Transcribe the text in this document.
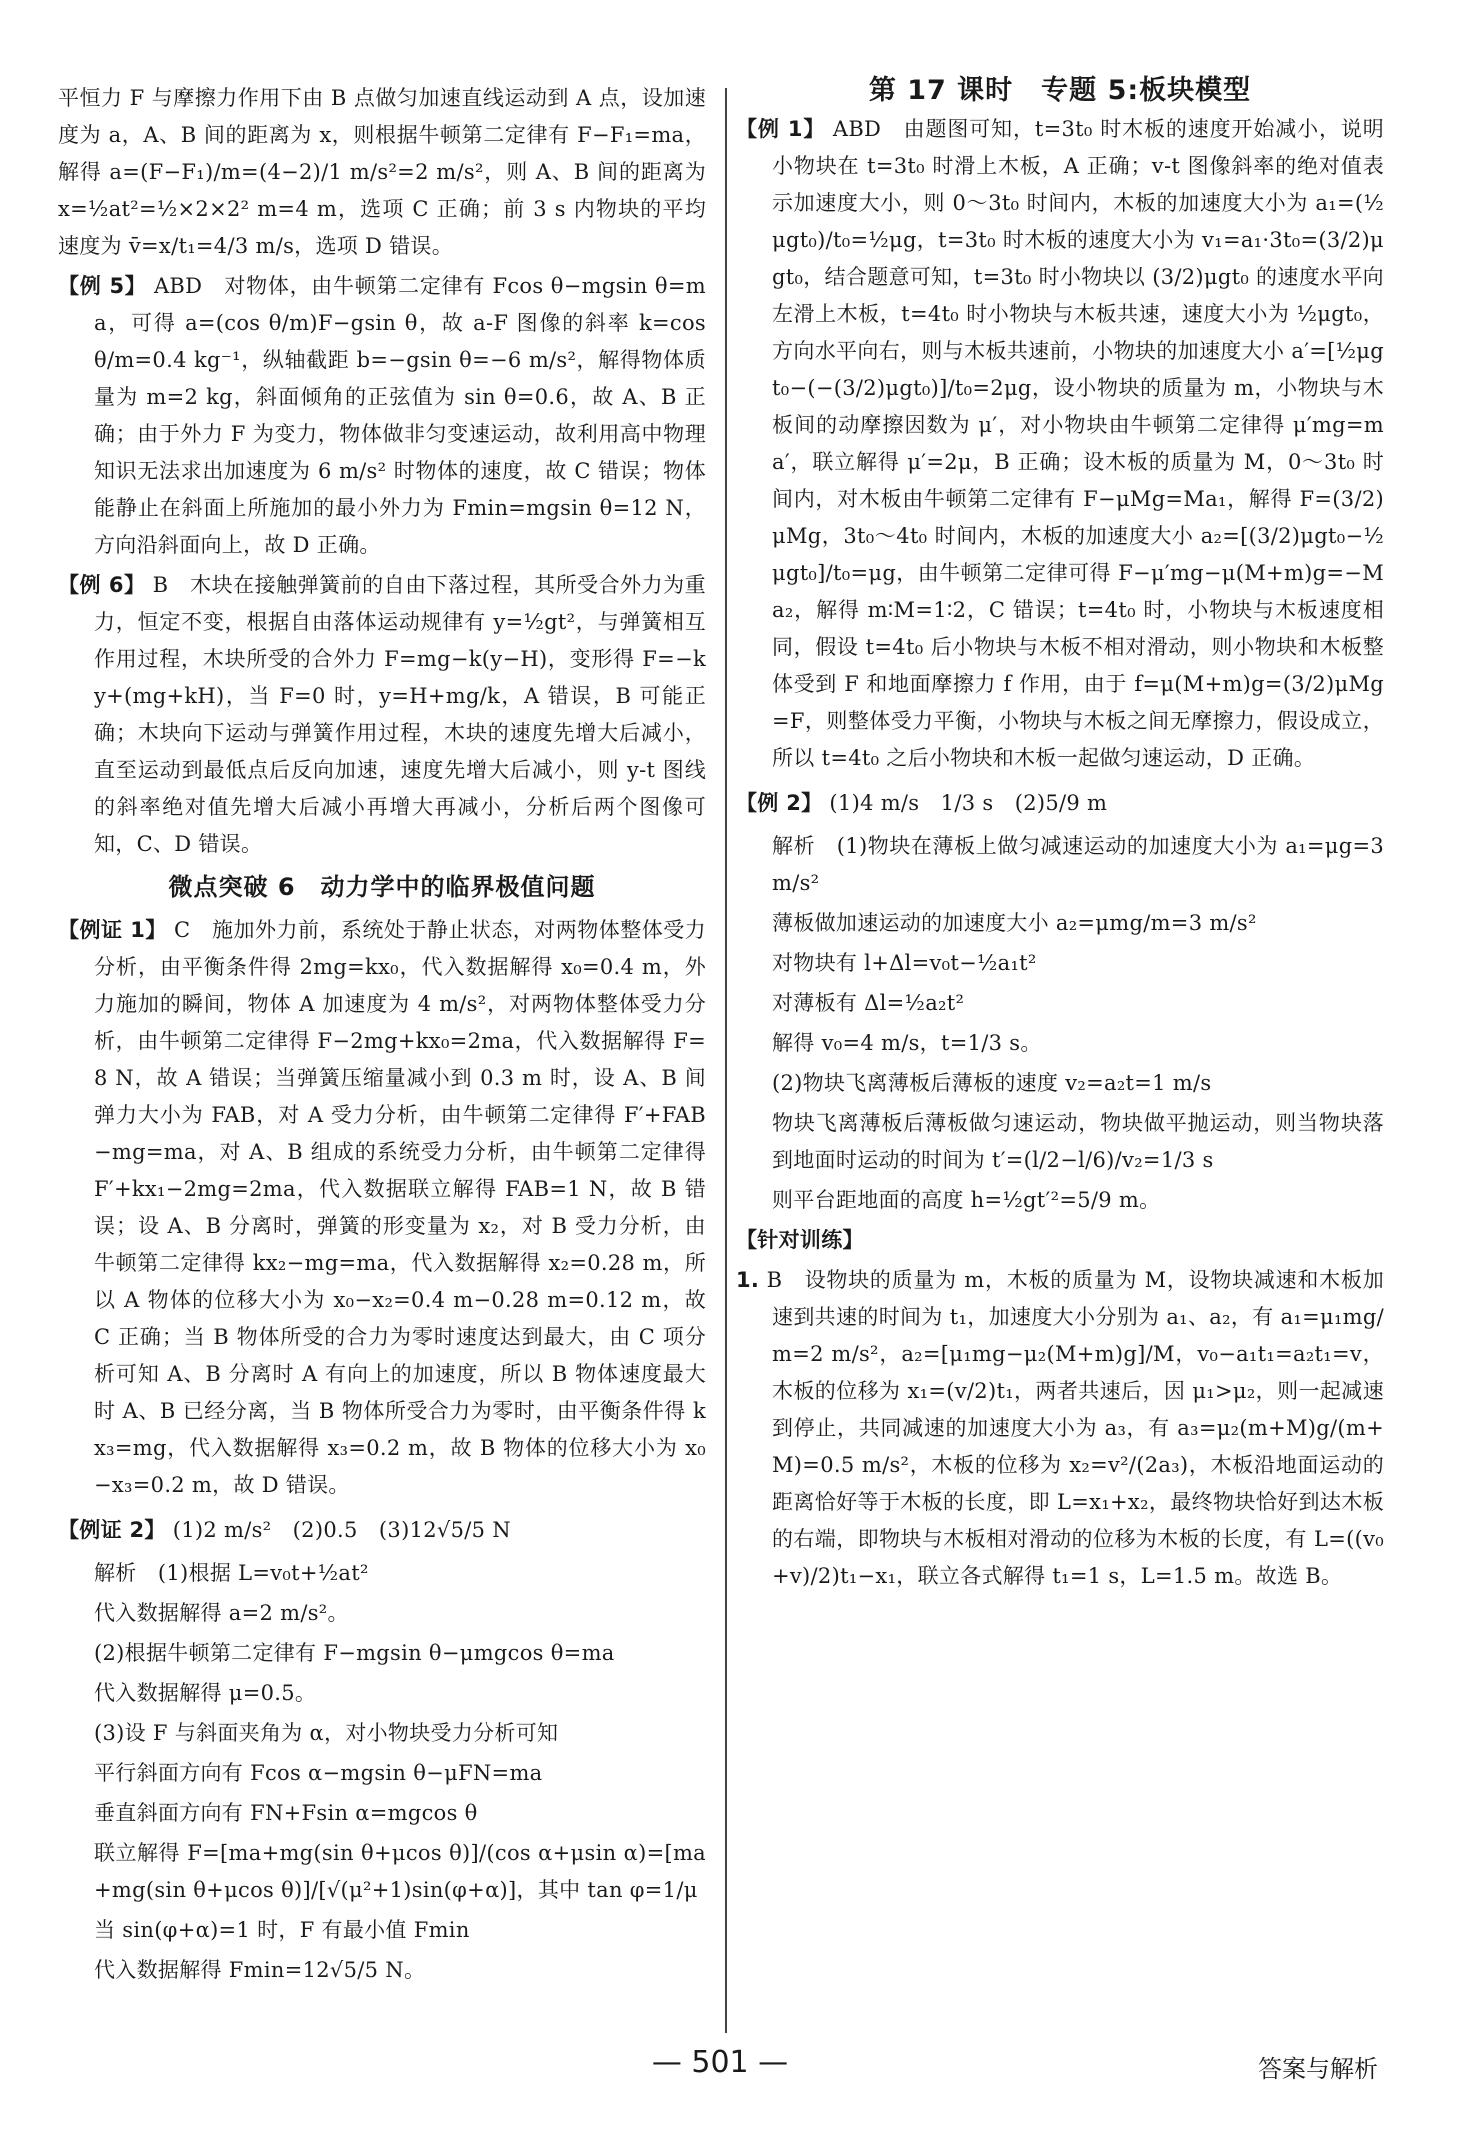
平恒力 F 与摩擦力作用下由 B 点做匀加速直线运动到 A 点，设加速度为 a，A、B 间的距离为 x，则根据牛顿第二定律有 F−F₁=ma，解得 a=(F−F₁)/m=(4−2)/1 m/s²=2 m/s²，则 A、B 间的距离为 x=½at²=½×2×2² m=4 m，选项 C 正确；前 3 s 内物块的平均速度为 v̄=x/t₁=4/3 m/s，选项 D 错误。
【例 5】 ABD　对物体，由牛顿第二定律有 Fcos θ−mgsin θ=ma，可得 a=(cos θ/m)F−gsin θ，故 a-F 图像的斜率 k=cos θ/m=0.4 kg⁻¹，纵轴截距 b=−gsin θ=−6 m/s²，解得物体质量为 m=2 kg，斜面倾角的正弦值为 sin θ=0.6，故 A、B 正确；由于外力 F 为变力，物体做非匀变速运动，故利用高中物理知识无法求出加速度为 6 m/s² 时物体的速度，故 C 错误；物体能静止在斜面上所施加的最小外力为 Fmin=mgsin θ=12 N，方向沿斜面向上，故 D 正确。
【例 6】 B　木块在接触弹簧前的自由下落过程，其所受合外力为重力，恒定不变，根据自由落体运动规律有 y=½gt²，与弹簧相互作用过程，木块所受的合外力 F=mg−k(y−H)，变形得 F=−ky+(mg+kH)，当 F=0 时，y=H+mg/k，A 错误，B 可能正确；木块向下运动与弹簧作用过程，木块的速度先增大后减小，直至运动到最低点后反向加速，速度先增大后减小，则 y-t 图线的斜率绝对值先增大后减小再增大再减小，分析后两个图像可知，C、D 错误。
微点突破 6　动力学中的临界极值问题
【例证 1】 C　施加外力前，系统处于静止状态，对两物体整体受力分析，由平衡条件得 2mg=kx₀，代入数据解得 x₀=0.4 m，外力施加的瞬间，物体 A 加速度为 4 m/s²，对两物体整体受力分析，由牛顿第二定律得 F−2mg+kx₀=2ma，代入数据解得 F=8 N，故 A 错误；当弹簧压缩量减小到 0.3 m 时，设 A、B 间弹力大小为 FAB，对 A 受力分析，由牛顿第二定律得 F′+FAB−mg=ma，对 A、B 组成的系统受力分析，由牛顿第二定律得 F′+kx₁−2mg=2ma，代入数据联立解得 FAB=1 N，故 B 错误；设 A、B 分离时，弹簧的形变量为 x₂，对 B 受力分析，由牛顿第二定律得 kx₂−mg=ma，代入数据解得 x₂=0.28 m，所以 A 物体的位移大小为 x₀−x₂=0.4 m−0.28 m=0.12 m，故 C 正确；当 B 物体所受的合力为零时速度达到最大，由 C 项分析可知 A、B 分离时 A 有向上的加速度，所以 B 物体速度最大时 A、B 已经分离，当 B 物体所受合力为零时，由平衡条件得 kx₃=mg，代入数据解得 x₃=0.2 m，故 B 物体的位移大小为 x₀−x₃=0.2 m，故 D 错误。
【例证 2】 (1)2 m/s²　(2)0.5　(3)12√5/5 N
解析　(1)根据 L=v₀t+½at²
代入数据解得 a=2 m/s²。
(2)根据牛顿第二定律有 F−mgsin θ−μmgcos θ=ma
代入数据解得 μ=0.5。
(3)设 F 与斜面夹角为 α，对小物块受力分析可知
平行斜面方向有 Fcos α−mgsin θ−μFN=ma
垂直斜面方向有 FN+Fsin α=mgcos θ
联立解得 F=[ma+mg(sin θ+μcos θ)]/(cos α+μsin α)=[ma+mg(sin θ+μcos θ)]/[√(μ²+1)sin(φ+α)]，其中 tan φ=1/μ
当 sin(φ+α)=1 时，F 有最小值 Fmin
代入数据解得 Fmin=12√5/5 N。
第 17 课时　专题 5:板块模型
【例 1】 ABD　由题图可知，t=3t₀ 时木板的速度开始减小，说明小物块在 t=3t₀ 时滑上木板，A 正确；v-t 图像斜率的绝对值表示加速度大小，则 0～3t₀ 时间内，木板的加速度大小为 a₁=(½μgt₀)/t₀=½μg，t=3t₀ 时木板的速度大小为 v₁=a₁·3t₀=(3/2)μgt₀，结合题意可知，t=3t₀ 时小物块以 (3/2)μgt₀ 的速度水平向左滑上木板，t=4t₀ 时小物块与木板共速，速度大小为 ½μgt₀，方向水平向右，则与木板共速前，小物块的加速度大小 a′=[½μgt₀−(−(3/2)μgt₀)]/t₀=2μg，设小物块的质量为 m，小物块与木板间的动摩擦因数为 μ′，对小物块由牛顿第二定律得 μ′mg=ma′，联立解得 μ′=2μ，B 正确；设木板的质量为 M，0～3t₀ 时间内，对木板由牛顿第二定律有 F−μMg=Ma₁，解得 F=(3/2)μMg，3t₀～4t₀ 时间内，木板的加速度大小 a₂=[(3/2)μgt₀−½μgt₀]/t₀=μg，由牛顿第二定律可得 F−μ′mg−μ(M+m)g=−Ma₂，解得 m∶M=1∶2，C 错误；t=4t₀ 时，小物块与木板速度相同，假设 t=4t₀ 后小物块与木板不相对滑动，则小物块和木板整体受到 F 和地面摩擦力 f 作用，由于 f=μ(M+m)g=(3/2)μMg=F，则整体受力平衡，小物块与木板之间无摩擦力，假设成立，所以 t=4t₀ 之后小物块和木板一起做匀速运动，D 正确。
【例 2】 (1)4 m/s　1/3 s　(2)5/9 m
解析　(1)物块在薄板上做匀减速运动的加速度大小为 a₁=μg=3 m/s²
薄板做加速运动的加速度大小 a₂=μmg/m=3 m/s²
对物块有 l+Δl=v₀t−½a₁t²
对薄板有 Δl=½a₂t²
解得 v₀=4 m/s，t=1/3 s。
(2)物块飞离薄板后薄板的速度 v₂=a₂t=1 m/s
物块飞离薄板后薄板做匀速运动，物块做平抛运动，则当物块落到地面时运动的时间为 t′=(l/2−l/6)/v₂=1/3 s
则平台距地面的高度 h=½gt′²=5/9 m。
【针对训练】
1. B　设物块的质量为 m，木板的质量为 M，设物块减速和木板加速到共速的时间为 t₁，加速度大小分别为 a₁、a₂，有 a₁=μ₁mg/m=2 m/s²，a₂=[μ₁mg−μ₂(M+m)g]/M，v₀−a₁t₁=a₂t₁=v，木板的位移为 x₁=(v/2)t₁，两者共速后，因 μ₁>μ₂，则一起减速到停止，共同减速的加速度大小为 a₃，有 a₃=μ₂(m+M)g/(m+M)=0.5 m/s²，木板的位移为 x₂=v²/(2a₃)，木板沿地面运动的距离恰好等于木板的长度，即 L=x₁+x₂，最终物块恰好到达木板的右端，即物块与木板相对滑动的位移为木板的长度，有 L=((v₀+v)/2)t₁−x₁，联立各式解得 t₁=1 s，L=1.5 m。故选 B。
— 501 —	答案与解析
